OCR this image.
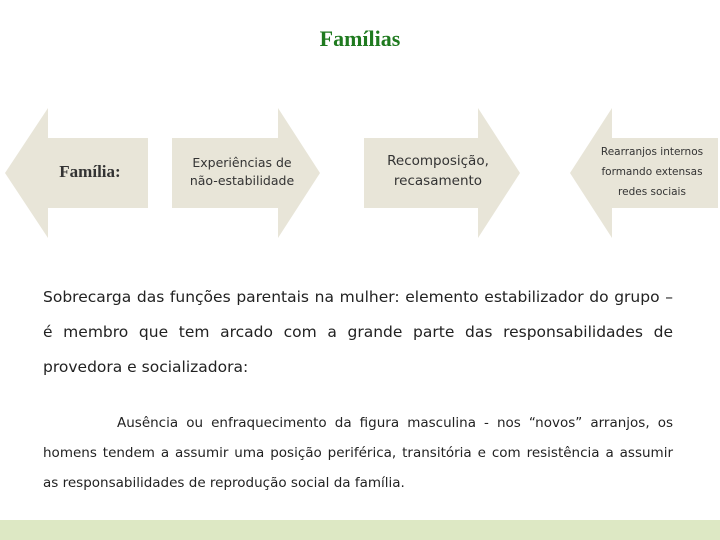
Famílias
Família:	Experiências de
não-estabilidade
Recomposição,
recasamento
Rearranjos internos
formando extensas
redes sociais
Sobrecarga das funções parentais na mulher: elemento estabilizador do grupo – é membro que tem arcado com a grande parte das responsabilidades de provedora e socializadora:
Ausência ou enfraquecimento da figura masculina - nos “novos” arranjos, os homens tendem a assumir uma posição periférica, transitória e com resistência a assumir as responsabilidades de reprodução social da família.
